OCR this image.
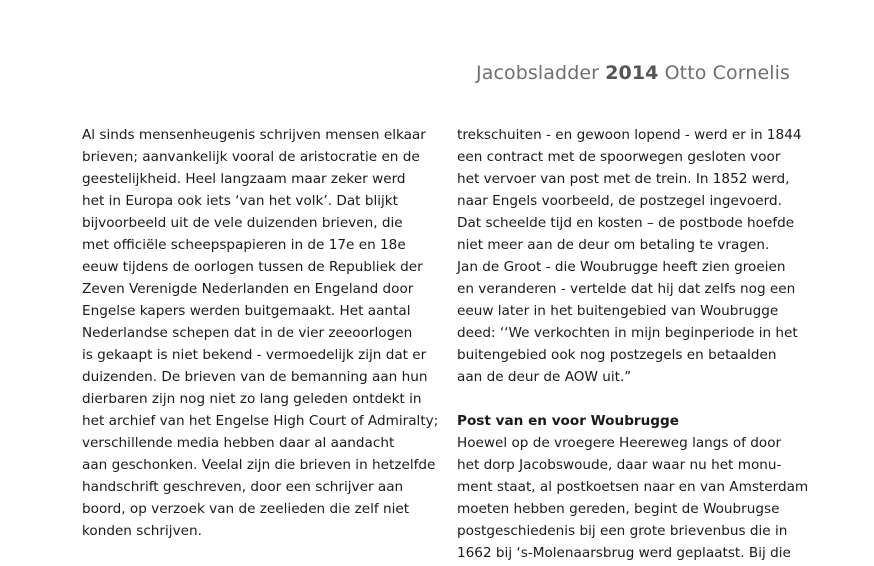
Jacobsladder 2014 Otto Cornelis
Al sinds mensenheugenis schrijven mensen elkaar
brieven; aanvankelijk vooral de aristocratie en de
geestelijkheid. Heel langzaam maar zeker werd
het in Europa ook iets ‘van het volk’. Dat blijkt
bijvoorbeeld uit de vele duizenden brieven, die
met officiële scheepspapieren in de 17e en 18e
eeuw tijdens de oorlogen tussen de Republiek der
Zeven Verenigde Nederlanden en Engeland door
Engelse kapers werden buitgemaakt. Het aantal
Nederlandse schepen dat in de vier zeeoorlogen
is gekaapt is niet bekend - vermoedelijk zijn dat er
duizenden. De brieven van de bemanning aan hun
dierbaren zijn nog niet zo lang geleden ontdekt in
het archief van het Engelse High Court of Admiralty;
verschillende media hebben daar al aandacht
aan geschonken. Veelal zijn die brieven in hetzelfde
handschrift geschreven, door een schrijver aan
boord, op verzoek van de zeelieden die zelf niet
konden schrijven.
trekschuiten - en gewoon lopend - werd er in 1844
een contract met de spoorwegen gesloten voor
het vervoer van post met de trein. In 1852 werd,
naar Engels voorbeeld, de postzegel ingevoerd.
Dat scheelde tijd en kosten – de postbode hoefde
niet meer aan de deur om betaling te vragen.
Jan de Groot - die Woubrugge heeft zien groeien
en veranderen - vertelde dat hij dat zelfs nog een
eeuw later in het buitengebied van Woubrugge
deed: ‘‘We verkochten in mijn beginperiode in het
buitengebied ook nog postzegels en betaalden
aan de deur de AOW uit.”
Post van en voor Woubrugge
Hoewel op de vroegere Heereweg langs of door
het dorp Jacobswoude, daar waar nu het monu-
ment staat, al postkoetsen naar en van Amsterdam
moeten hebben gereden, begint de Woubrugse
postgeschiedenis bij een grote brievenbus die in
1662 bij ‘s-Molenaarsbrug werd geplaatst. Bij die
